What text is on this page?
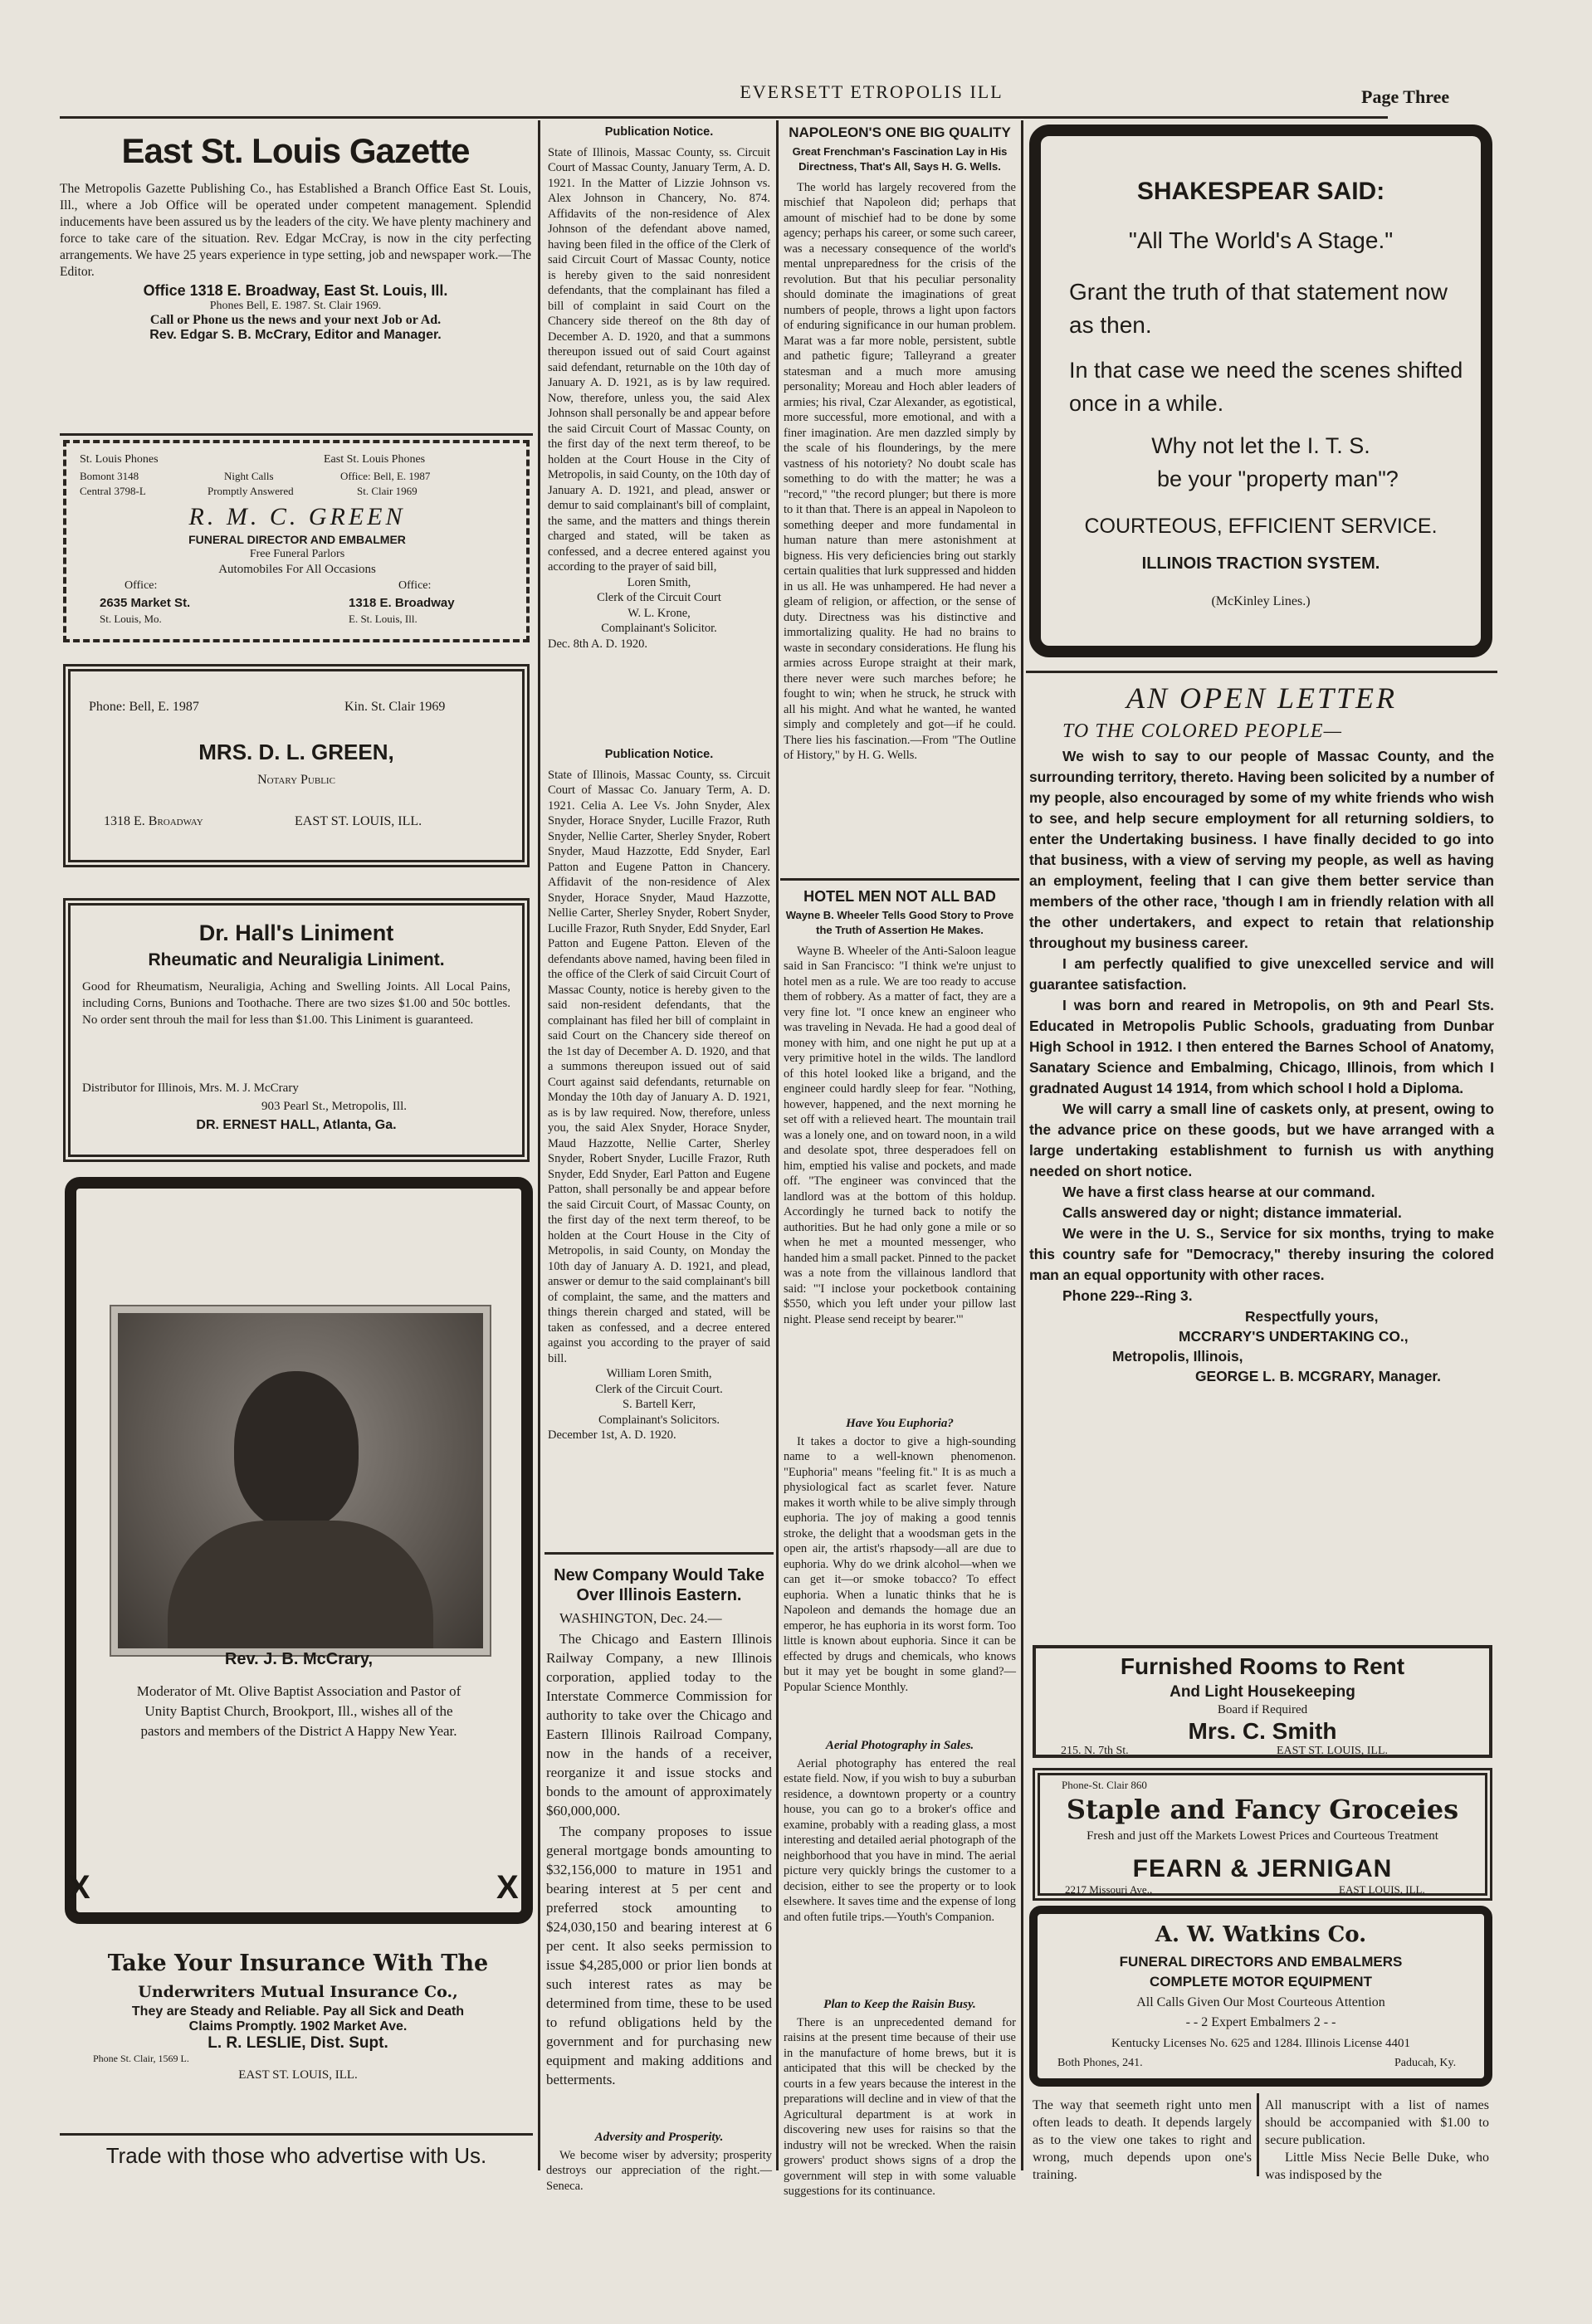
EVERSETT ETROPOLIS ILL	Page Three
East St. Louis Gazette
The Metropolis Gazette Publishing Co., has Established a Branch Office East St. Louis, Ill., where a Job Office will be operated under competent management. Splendid inducements have been assured us by the leaders of the city. We have plenty machinery and force to take care of the situation. Rev. Edgar McCray, is now in the city perfecting arrangements. We have 25 years experience in type setting, job and newspaper work.—The Editor.
Office 1318 E. Broadway, East St. Louis, Ill.
Phones Bell, E. 1987. St. Clair 1969.
Call or Phone us the news and your next Job or Ad.
Rev. Edgar S. B. McCrary, Editor and Manager.
St. Louis Phones	East St. Louis Phones
Bomont 3148	Night Calls	Office: Bell, E. 1987
Central 3798-L	Promptly Answered	St. Clair 1969
R. M. C. GREEN
FUNERAL DIRECTOR AND EMBALMER
Free Funeral Parlors
Automobiles For All Occasions
Office:	Office:
2635 Market St.	1318 E. Broadway
St. Louis, Mo.	E. St. Louis, Ill.
Phone: Bell, E. 1987	Kin. St. Clair 1969
MRS. D. L. GREEN,
Notary Public
1318 E. Broadway	EAST ST. LOUIS, ILL.
Dr. Hall's Liniment
Rheumatic and Neuraligia Liniment.
Good for Rheumatism, Neuraligia, Aching and Swelling Joints. All Local Pains, including Corns, Bunions and Toothache. There are two sizes $1.00 and 50c bottles. No order sent throuh the mail for less than $1.00. This Liniment is guaranteed.
Distributor for Illinois, Mrs. M. J. McCrary
903 Pearl St., Metropolis, Ill.
DR. ERNEST HALL, Atlanta, Ga.
Rev. J. B. McCrary,
Moderator of Mt. Olive Baptist Association and Pastor of Unity Baptist Church, Brookport, Ill., wishes all of the pastors and members of the District A Happy New Year.
X	X
Take Your Insurance With The
Underwriters Mutual Insurance Co.,
They are Steady and Reliable. Pay all Sick and Death
Claims Promptly. 1902 Market Ave.
L. R. LESLIE, Dist. Supt.
Phone St. Clair, 1569 L.
EAST ST. LOUIS, ILL.
Trade with those who advertise with Us.
Publication Notice.
State of Illinois, Massac County, ss. Circuit Court of Massac County, January Term, A. D. 1921. In the Matter of Lizzie Johnson vs. Alex Johnson in Chancery, No. 874. Affidavits of the non-residence of Alex Johnson of the defendant above named, having been filed in the office of the Clerk of said Circuit Court of Massac County, notice is hereby given to the said nonresident defendants, that the complainant has filed a bill of complaint in said Court on the Chancery side thereof on the 8th day of December A. D. 1920, and that a summons thereupon issued out of said Court against said defendant, returnable on the 10th day of January A. D. 1921, as is by law required. Now, therefore, unless you, the said Alex Johnson shall personally be and appear before the said Circuit Court of Massac County, on the first day of the next term thereof, to be holden at the Court House in the City of Metropolis, in said County, on the 10th day of January A. D. 1921, and plead, answer or demur to said complainant's bill of complaint, the same, and the matters and things therein charged and stated, will be taken as confessed, and a decree entered against you according to the prayer of said bill,
Loren Smith,
Clerk of the Circuit Court
W. L. Krone,
Complainant's Solicitor.
Dec. 8th A. D. 1920.
Publication Notice.
State of Illinois, Massac County, ss. Circuit Court of Massac Co. January Term, A. D. 1921. Celia A. Lee Vs. John Snyder, Alex Snyder, Horace Snyder, Lucille Frazor, Ruth Snyder, Nellie Carter, Sherley Snyder, Robert Snyder, Maud Hazzotte, Edd Snyder, Earl Patton and Eugene Patton in Chancery. Affidavit of the non-residence of Alex Snyder, Horace Snyder, Maud Hazzotte, Nellie Carter, Sherley Snyder, Robert Snyder, Lucille Frazor, Ruth Snyder, Edd Snyder, Earl Patton and Eugene Patton. Eleven of the defendants above named, having been filed in the office of the Clerk of said Circuit Court of Massac County, notice is hereby given to the said non-resident defendants, that the complainant has filed her bill of complaint in said Court on the Chancery side thereof on the 1st day of December A. D. 1920, and that a summons thereupon issued out of said Court against said defendants, returnable on Monday the 10th day of January A. D. 1921, as is by law required. Now, therefore, unless you, the said Alex Snyder, Horace Snyder, Maud Hazzotte, Nellie Carter, Sherley Snyder, Robert Snyder, Lucille Frazor, Ruth Snyder, Edd Snyder, Earl Patton and Eugene Patton, shall personally be and appear before the said Circuit Court, of Massac County, on the first day of the next term thereof, to be holden at the Court House in the City of Metropolis, in said County, on Monday the 10th day of January A. D. 1921, and plead, answer or demur to the said complainant's bill of complaint, the same, and the matters and things therein charged and stated, will be taken as confessed, and a decree entered against you according to the prayer of said bill.
William Loren Smith,
Clerk of the Circuit Court.
S. Bartell Kerr,
Complainant's Solicitors.
December 1st, A. D. 1920.
New Company Would Take Over Illinois Eastern.

WASHINGTON, Dec. 24.—

The Chicago and Eastern Illinois Railway Company, a new Illinois corporation, applied today to the Interstate Commerce Commission for authority to take over the Chicago and Eastern Illinois Railroad Company, now in the hands of a receiver, reorganize it and issue stocks and bonds to the amount of approximately $60,000,000.

The company proposes to issue general mortgage bonds amounting to $32,156,000 to mature in 1951 and bearing interest at 5 per cent and preferred stock amounting to $24,030,150 and bearing interest at 6 per cent. It also seeks permission to issue $4,285,000 or prior lien bonds at such interest rates as may be determined from time, these to be used to refund obligations held by the government and for purchasing new equipment and making additions and betterments.

Adversity and Prosperity.

We become wiser by adversity; prosperity destroys our appreciation of the right.—Seneca.

NAPOLEON'S ONE BIG QUALITY
Great Frenchman's Fascination Lay in His Directness, That's All, Says H. G. Wells.

The world has largely recovered from the mischief that Napoleon did; perhaps that amount of mischief had to be done by some agency; perhaps his career, or some such career, was a necessary consequence of the world's mental unpreparedness for the crisis of the revolution. But that his peculiar personality should dominate the imaginations of great numbers of people, throws a light upon factors of enduring significance in our human problem. Marat was a far more noble, persistent, subtle and pathetic figure; Talleyrand a greater statesman and a much more amusing personality; Moreau and Hoch abler leaders of armies; his rival, Czar Alexander, as egotistical, more successful, more emotional, and with a finer imagination. Are men dazzled simply by the scale of his flounderings, by the mere vastness of his notoriety? No doubt scale has something to do with the matter; he was a "record," "the record plunger; but there is more to it than that. There is an appeal in Napoleon to something deeper and more fundamental in human nature than mere astonishment at bigness. His very deficiencies bring out starkly certain qualities that lurk suppressed and hidden in us all. He was unhampered. He had never a gleam of religion, or affection, or the sense of duty. Directness was his distinctive and immortalizing quality. He had no brains to waste in secondary considerations. He flung his armies across Europe straight at their mark, there never were such marches before; he fought to win; when he struck, he struck with all his might. And what he wanted, he wanted simply and completely and got—if he could. There lies his fascination.—From "The Outline of History," by H. G. Wells.

HOTEL MEN NOT ALL BAD
Wayne B. Wheeler Tells Good Story to Prove the Truth of Assertion He Makes.

Wayne B. Wheeler of the Anti-Saloon league said in San Francisco: "I think we're unjust to hotel men as a rule. We are too ready to accuse them of robbery. As a matter of fact, they are a very fine lot. "I once knew an engineer who was traveling in Nevada. He had a good deal of money with him, and one night he put up at a very primitive hotel in the wilds. The landlord of this hotel looked like a brigand, and the engineer could hardly sleep for fear. "Nothing, however, happened, and the next morning he set off with a relieved heart. The mountain trail was a lonely one, and on toward noon, in a wild and desolate spot, three desperadoes fell on him, emptied his valise and pockets, and made off. "The engineer was convinced that the landlord was at the bottom of this holdup. Accordingly he turned back to notify the authorities. But he had only gone a mile or so when he met a mounted messenger, who handed him a small packet. Pinned to the packet was a note from the villainous landlord that said: "'I inclose your pocketbook containing $550, which you left under your pillow last night. Please send receipt by bearer.'"

Have You Euphoria?

It takes a doctor to give a high-sounding name to a well-known phenomenon. "Euphoria" means "feeling fit." It is as much a physiological fact as scarlet fever. Nature makes it worth while to be alive simply through euphoria. The joy of making a good tennis stroke, the delight that a woodsman gets in the open air, the artist's rhapsody—all are due to euphoria. Why do we drink alcohol—when we can get it—or smoke tobacco? To effect euphoria. When a lunatic thinks that he is Napoleon and demands the homage due an emperor, he has euphoria in its worst form. Too little is known about euphoria. Since it can be effected by drugs and chemicals, who knows but it may yet be bought in some gland?—Popular Science Monthly.

Aerial Photography in Sales.

Aerial photography has entered the real estate field. Now, if you wish to buy a suburban residence, a downtown property or a country house, you can go to a broker's office and examine, probably with a reading glass, a most interesting and detailed aerial photograph of the neighborhood that you have in mind. The aerial picture very quickly brings the customer to a decision, either to see the property or to look elsewhere. It saves time and the expense of long and often futile trips.—Youth's Companion.

Plan to Keep the Raisin Busy.

There is an unprecedented demand for raisins at the present time because of their use in the manufacture of home brews, but it is anticipated that this will be checked by the courts in a few years because the interest in the preparations will decline and in view of that the Agricultural department is at work in discovering new uses for raisins so that the industry will not be wrecked. When the raisin growers' product shows signs of a drop the government will step in with some valuable suggestions for its continuance.

SHAKESPEAR SAID:
"All The World's A Stage."
Grant the truth of that statement now as then.
In that case we need the scenes shifted once in a while.
Why not let the I. T. S.
be your "property man"?
COURTEOUS, EFFICIENT SERVICE.
ILLINOIS TRACTION SYSTEM.
(McKinley Lines.)
AN OPEN LETTER
TO THE COLORED PEOPLE—
We wish to say to our people of Massac County, and the surrounding territory, thereto. Having been solicited by a number of my people, also encouraged by some of my white friends who wish to see, and help secure employment for all returning soldiers, to enter the Undertaking business. I have finally decided to go into that business, with a view of serving my people, as well as having an employment, feeling that I can give them better service than members of the other race, 'though I am in friendly relation with all the other undertakers, and expect to retain that relationship throughout my business career.
I am perfectly qualified to give unexcelled service and will guarantee satisfaction.
I was born and reared in Metropolis, on 9th and Pearl Sts. Educated in Metropolis Public Schools, graduating from Dunbar High School in 1912. I then entered the Barnes School of Anatomy, Sanatary Science and Embalming, Chicago, Illinois, from which I gradnated August 14 1914, from which school I hold a Diploma.
We will carry a small line of caskets only, at present, owing to the advance price on these goods, but we have arranged with a large undertaking establishment to furnish us with anything needed on short notice.
We have a first class hearse at our command.
Calls answered day or night; distance immaterial.
We were in the U. S., Service for six months, trying to make this country safe for "Democracy," thereby insuring the colored man an equal opportunity with other races.
Phone 229--Ring 3.
Respectfully yours,
MCCRARY'S UNDERTAKING CO.,
Metropolis, Illinois,
GEORGE L. B. MCGRARY, Manager.
Phone-St. Clair 860
Staple and Fancy Groceies
Fresh and just off the Markets Lowest Prices and Courteous Treatment
FEARN & JERNIGAN
2217 Missouri Ave.,	EAST LOUIS, ILL.
Furnished Rooms to Rent
And Light Housekeeping
Board if Required
Mrs. C. Smith
215. N. 7th St.	EAST ST. LOUIS, ILL.
A. W. Watkins Co.
FUNERAL DIRECTORS AND EMBALMERS
COMPLETE MOTOR EQUIPMENT
All Calls Given Our Most Courteous Attention
- - 2 Expert Embalmers 2 - -
Kentucky Licenses No. 625 and 1284. Illinois License 4401
Both Phones, 241.	Paducah, Ky.
The way that seemeth right unto men often leads to death. It depends largely as to the view one takes to right and wrong, much depends upon one's training.
All manuscript with a list of names should be accompanied with $1.00 to secure publication.
Little Miss Necie Belle Duke, who was indisposed by the
